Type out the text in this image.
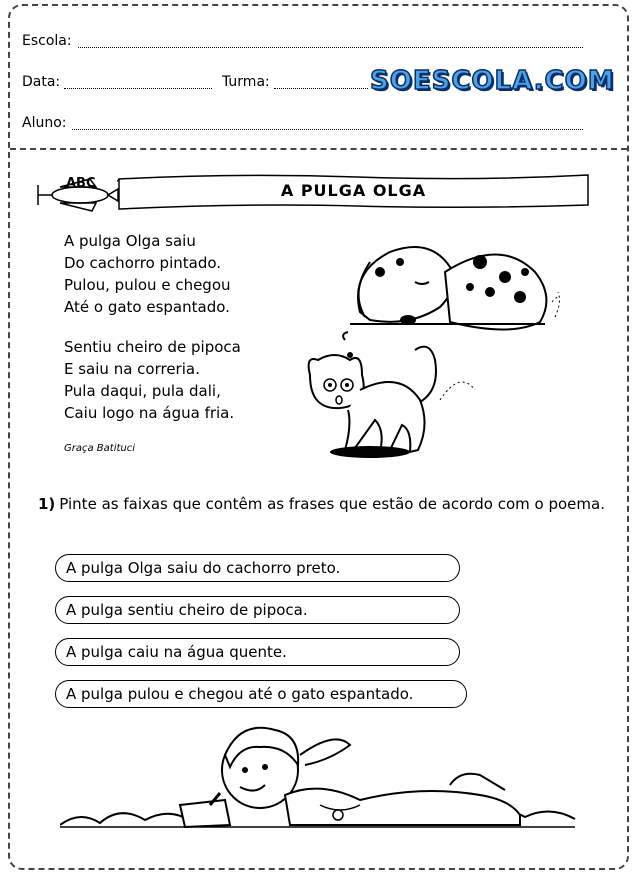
Escola:
Data:	Turma:	SOESCOLA.COM
Aluno:
ABC	A PULGA OLGA
A pulga Olga saiu
Do cachorro pintado.
Pulou, pulou e chegou
Até o gato espantado.
Sentiu cheiro de pipoca
E saiu na correria.
Pula daqui, pula dali,
Caiu logo na água fria.
Graça Batituci
1) Pinte as faixas que contêm as frases que estão de acordo com o poema.
A pulga Olga saiu do cachorro preto.
A pulga sentiu cheiro de pipoca.
A pulga caiu na água quente.
A pulga pulou e chegou até o gato espantado.
